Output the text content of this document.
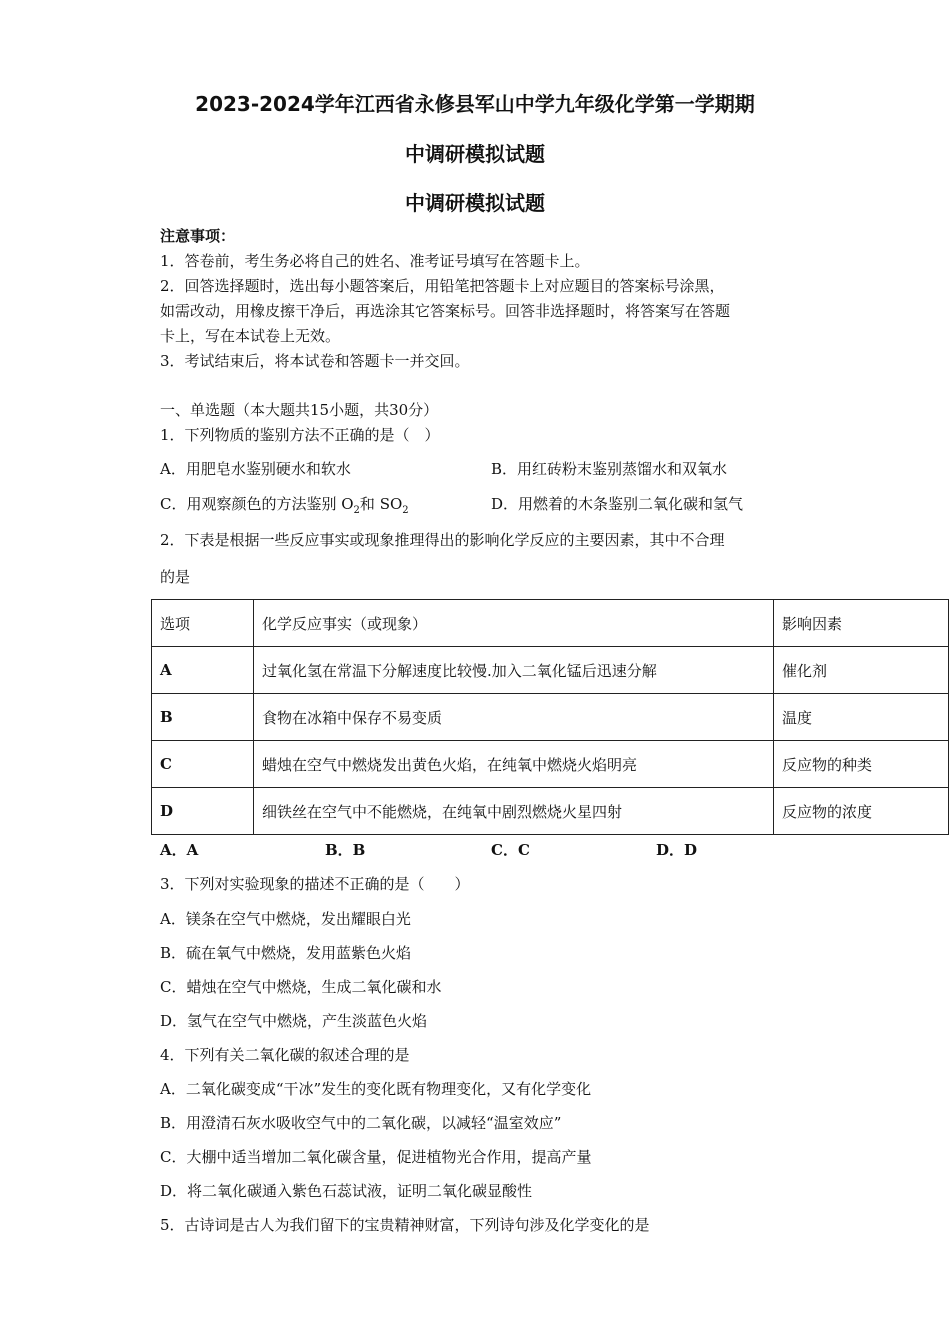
2023-2024学年江西省永修县军山中学九年级化学第一学期期
中调研模拟试题
中调研模拟试题
注意事项：
1．答卷前，考生务必将自己的姓名、准考证号填写在答题卡上。
2．回答选择题时，选出每小题答案后，用铅笔把答题卡上对应题目的答案标号涂黑，
如需改动，用橡皮擦干净后，再选涂其它答案标号。回答非选择题时，将答案写在答题
卡上，写在本试卷上无效。
3．考试结束后，将本试卷和答题卡一并交回。
一、单选题（本大题共15小题，共30分）
1．下列物质的鉴别方法不正确的是（　）
A．用肥皂水鉴别硬水和软水	B．用红砖粉末鉴别蒸馏水和双氧水
C．用观察颜色的方法鉴别 $O_2$和 $SO_2$	D．用燃着的木条鉴别二氧化碳和氢气
2．下表是根据一些反应事实或现象推理得出的影响化学反应的主要因素，其中不合理
的是
选项	化学反应事实（或现象）	影响因素
A	过氧化氢在常温下分解速度比较慢.加入二氧化锰后迅速分解	催化剂
B	食物在冰箱中保存不易变质	温度
C	蜡烛在空气中燃烧发出黄色火焰，在纯氧中燃烧火焰明亮	反应物的种类
D	细铁丝在空气中不能燃烧，在纯氧中剧烈燃烧火星四射	反应物的浓度
A．A	B．B	C．C	D．D
3．下列对实验现象的描述不正确的是（　　）
A．镁条在空气中燃烧，发出耀眼白光
B．硫在氧气中燃烧，发用蓝紫色火焰
C．蜡烛在空气中燃烧，生成二氧化碳和水
D．氢气在空气中燃烧，产生淡蓝色火焰
4．下列有关二氧化碳的叙述合理的是
A．二氧化碳变成“干冰”发生的变化既有物理变化，又有化学变化
B．用澄清石灰水吸收空气中的二氧化碳，以减轻“温室效应”
C．大棚中适当增加二氧化碳含量，促进植物光合作用，提高产量
D．将二氧化碳通入紫色石蕊试液，证明二氧化碳显酸性
5．古诗词是古人为我们留下的宝贵精神财富，下列诗句涉及化学变化的是
